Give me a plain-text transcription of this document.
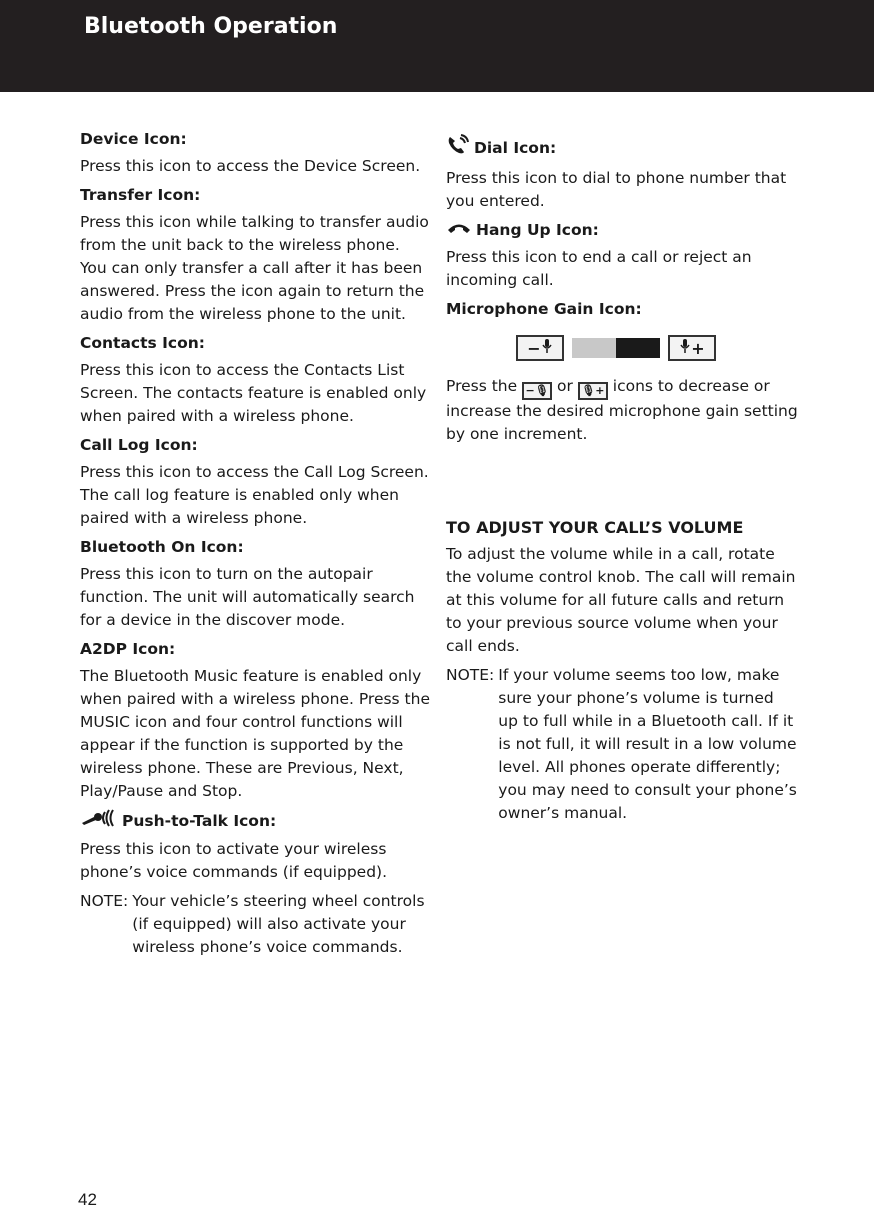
Bluetooth Operation

Device Icon:

Press this icon to access the Device Screen.

Transfer Icon:

Press this icon while talking to transfer audio from the unit back to the wireless phone. You can only transfer a call after it has been answered. Press the icon again to return the audio from the wireless phone to the unit.

Contacts Icon:

Press this icon to access the Contacts List Screen. The contacts feature is enabled only when paired with a wireless phone.

Call Log Icon:

Press this icon to access the Call Log Screen. The call log feature is enabled only when paired with a wireless phone.

Bluetooth On Icon:

Press this icon to turn on the autopair function. The unit will automatically search for a device in the discover mode.

A2DP Icon:

The Bluetooth Music feature is enabled only when paired with a wireless phone. Press the MUSIC icon and four control functions will appear if the function is supported by the wireless phone. These are Previous, Next, Play/Pause and Stop.

Push-to-Talk Icon:

Press this icon to activate your wireless phone’s voice commands (if equipped).

NOTE: Your vehicle’s steering wheel controls (if equipped) will also activate your wireless phone’s voice commands.

Dial Icon:

Press this icon to dial to phone number that you entered.

Hang Up Icon:

Press this icon to end a call or reject an incoming call.

Microphone Gain Icon:

−	+

Press the −🎙 or 🎙+ icons to decrease or increase the desired microphone gain setting by one increment.

TO ADJUST YOUR CALL’S VOLUME

To adjust the volume while in a call, rotate the volume control knob. The call will remain at this volume for all future calls and return to your previous source volume when your call ends.

NOTE: If your volume seems too low, make sure your phone’s volume is turned up to full while in a Bluetooth call. If it is not full, it will result in a low volume level. All phones operate differently; you may need to consult your phone’s owner’s manual.
42
